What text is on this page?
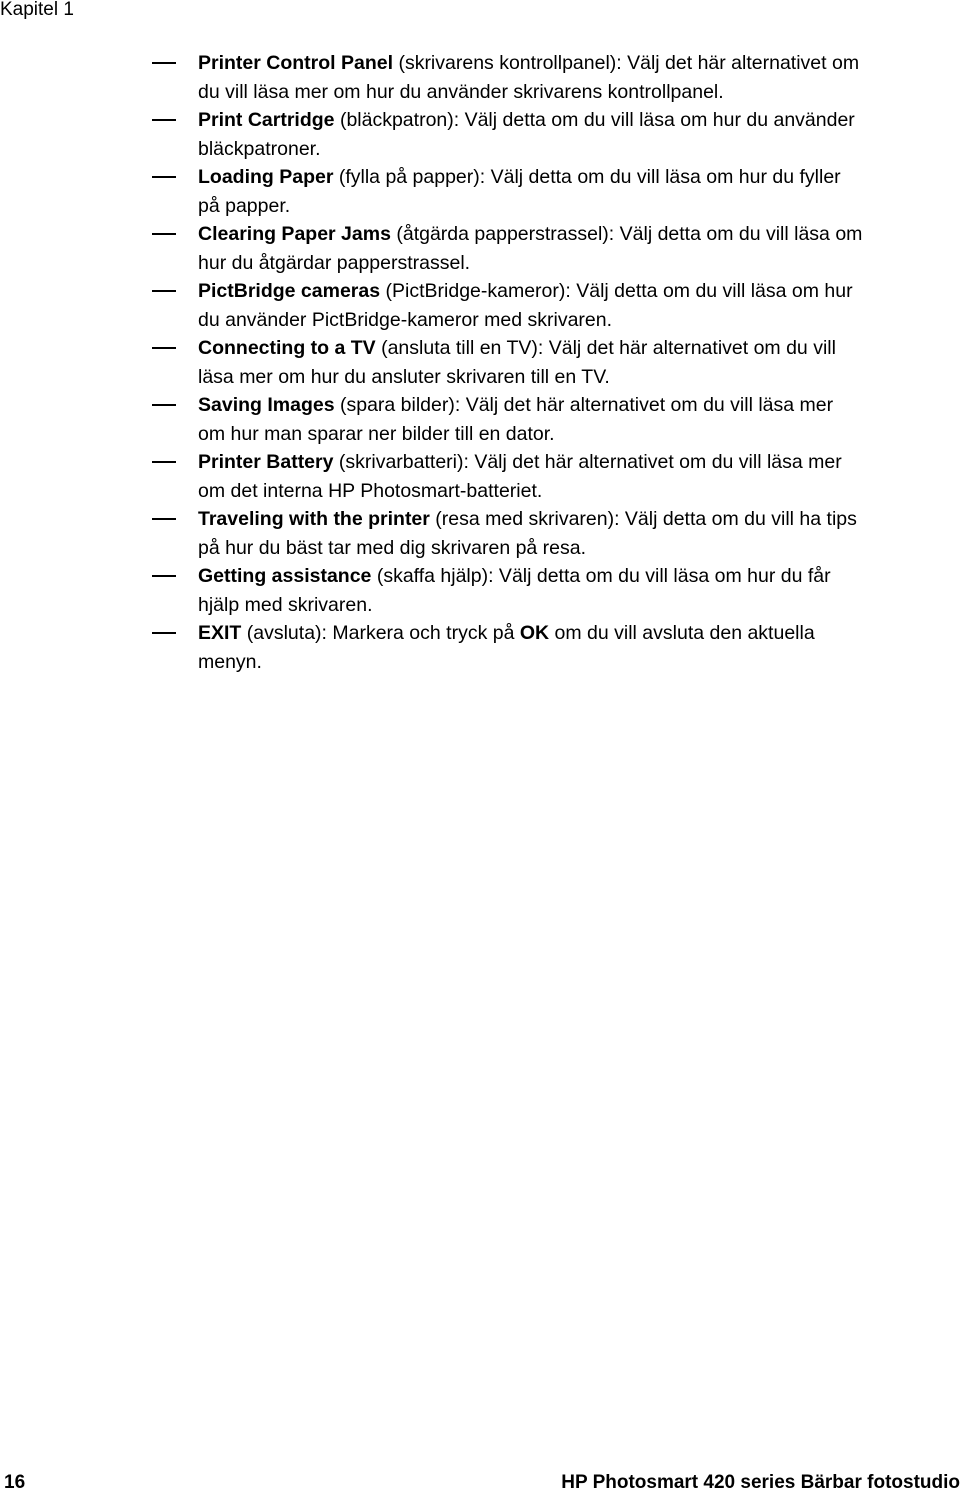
Kapitel 1
Printer Control Panel (skrivarens kontrollpanel): Välj det här alternativet om
du vill läsa mer om hur du använder skrivarens kontrollpanel.
Print Cartridge (bläckpatron): Välj detta om du vill läsa om hur du använder
bläckpatroner.
Loading Paper (fylla på papper): Välj detta om du vill läsa om hur du fyller
på papper.
Clearing Paper Jams (åtgärda papperstrassel): Välj detta om du vill läsa om
hur du åtgärdar papperstrassel.
PictBridge cameras (PictBridge-kameror): Välj detta om du vill läsa om hur
du använder PictBridge-kameror med skrivaren.
Connecting to a TV (ansluta till en TV): Välj det här alternativet om du vill
läsa mer om hur du ansluter skrivaren till en TV.
Saving Images (spara bilder): Välj det här alternativet om du vill läsa mer
om hur man sparar ner bilder till en dator.
Printer Battery (skrivarbatteri): Välj det här alternativet om du vill läsa mer
om det interna HP Photosmart-batteriet.
Traveling with the printer (resa med skrivaren): Välj detta om du vill ha tips
på hur du bäst tar med dig skrivaren på resa.
Getting assistance (skaffa hjälp): Välj detta om du vill läsa om hur du får
hjälp med skrivaren.
EXIT (avsluta): Markera och tryck på OK om du vill avsluta den aktuella
menyn.
16	HP Photosmart 420 series Bärbar fotostudio
